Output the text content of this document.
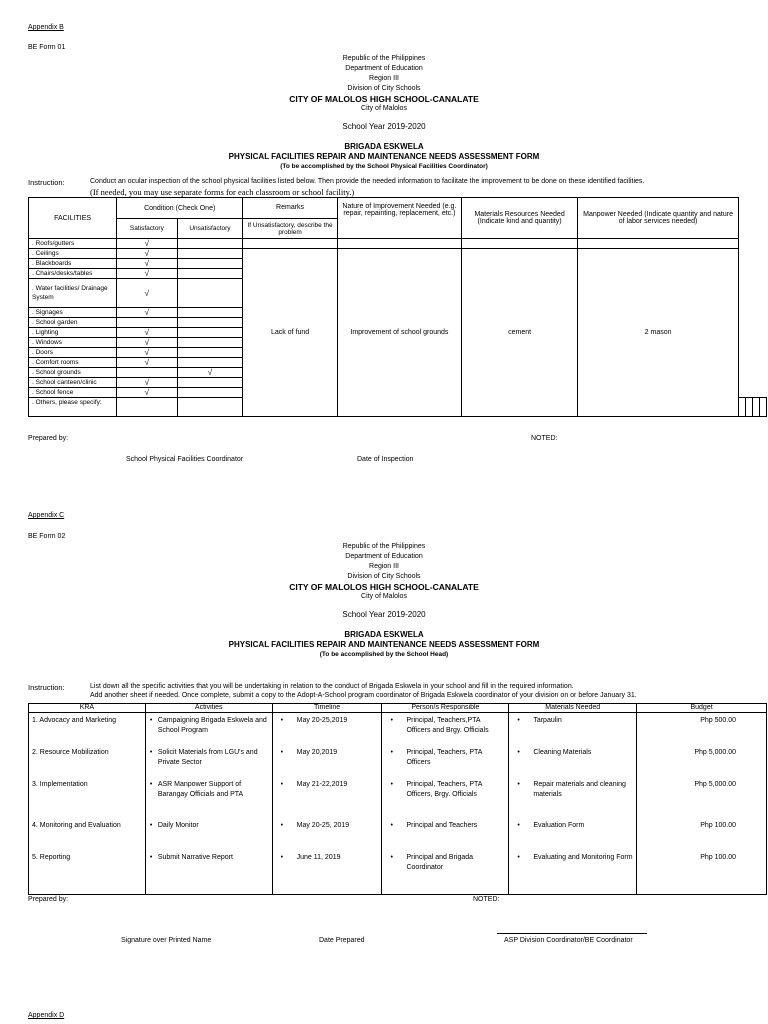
Appendix B
BE Form 01
Republic of the Philippines
Department of Education
Region III
Division of City Schools
CITY OF MALOLOS HIGH SCHOOL-CANALATE
City of Malolos
School Year 2019-2020
BRIGADA ESKWELA
PHYSICAL FACILITIES REPAIR AND MAINTENANCE NEEDS ASSESSMENT FORM
(To be accomplished by the School Physical Facilities Coordinator)
Instruction:	Conduct an ocular inspection of the school physical facilities listed below. Then provide the needed information to facilitate the improvement to be done on these identified facilities.
(If needed, you may use separate forms for each classroom or school facility.)
FACILITIES	Condition (Check One)		Remarks	Nature of Improvement Needed (e.g. repair, repainting, replacement, etc.)	Materials Resources Needed (Indicate kind and quantity)	Manpower Needed (Indicate quantity and nature of labor services needed)				
	Satisfactory	Unsatisfactory	If Unsatisfactory, describe the problem							
. Roofs/gutters	√									
. Ceilings	√		Lack of fund	Improvement of school grounds	cement	2 mason				
. Blackboards	√									
. Chairs/desks/tables	√									
. Water facilities/ Drainage System	√									
. Signages	√									
. School garden										
. Lighting	√									
. Windows	√									
. Doors	√									
. Comfort rooms	√									
. School grounds		√								
. School canteen/clinic	√									
. School fence	√									
. Others, please specify:										
Prepared by:	NOTED:
School Physical Facilities Coordinator	Date of Inspection
Appendix C
BE Form 02
Republic of the Philippines
Department of Education
Region III
Division of City Schools
CITY OF MALOLOS HIGH SCHOOL-CANALATE
City of Malolos
School Year 2019-2020
BRIGADA ESKWELA
PHYSICAL FACILITIES REPAIR AND MAINTENANCE NEEDS ASSESSMENT FORM
(To be accomplished by the School Head)
Instruction:	List down all the specific activities that you will be undertaking in relation to the conduct of Brigada Eskwela in your school and fill in the required information.
Add another sheet if needed. Once complete, submit a copy to the Adopt-A-School program coordinator of Brigada Eskwela coordinator of your division on or before January 31.
KRA	Activities	Timeline	Person/s Responsible	Materials Needed	Budget
1. Advocacy and Marketing	• Campaigning Brigada Eskwela and School Program	• May 20-25,2019	• Principal, Teachers,PTA Officers and Brgy. Officials	• Tarpaulin	Php 500.00
2. Resource Mobilization	• Solicit Materials from LGU's and Private Sector	• May 20,2019	• Principal, Teachers, PTA Officers	• Cleaning Materials	Php 5,000.00
3. Implementation	• ASR Manpower Support of Barangay Officials and PTA	• May 21-22,2019	• Principal, Teachers, PTA Officers, Brgy. Officials	• Repair materials and cleaning materials	Php 5,000.00
4. Monitoring and Evaluation	• Daily Monitor	• May 20-25, 2019	• Principal and Teachers	• Evaluation Form	Php 100.00
5. Reporting	• Submit Narrative Report	• June 11, 2019	• Principal and Brigada Coordinator	• Evaluating and Monitoring Form	Php 100.00
Prepared by:	NOTED:
Signature over Printed Name	Date Prepared	ASP Division Coordinator/BE Coordinator
Appendix D
